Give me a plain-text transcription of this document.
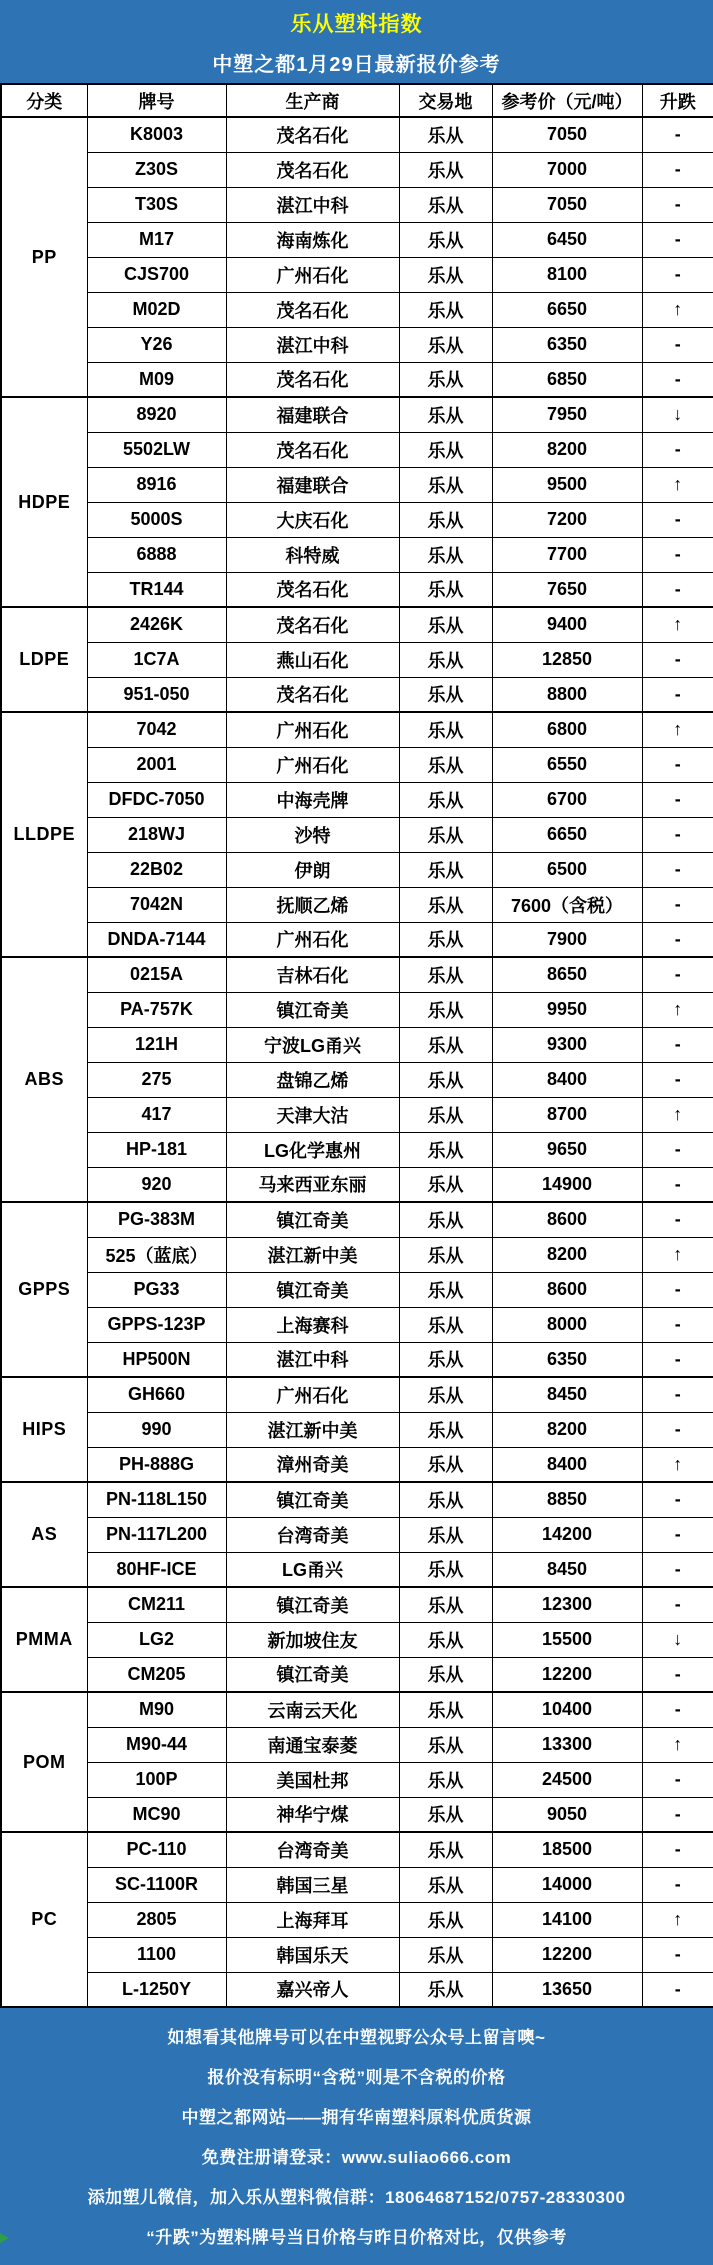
乐从塑料指数
中塑之都1月29日最新报价参考
分类	牌号	生产商	交易地	参考价（元/吨）	升跌
PP	K8003	茂名石化	乐从	7050	-
	Z30S	茂名石化	乐从	7000	-
	T30S	湛江中科	乐从	7050	-
	M17	海南炼化	乐从	6450	-
	CJS700	广州石化	乐从	8100	-
	M02D	茂名石化	乐从	6650	↑
	Y26	湛江中科	乐从	6350	-
	M09	茂名石化	乐从	6850	-
HDPE	8920	福建联合	乐从	7950	↓
	5502LW	茂名石化	乐从	8200	-
	8916	福建联合	乐从	9500	↑
	5000S	大庆石化	乐从	7200	-
	6888	科特威	乐从	7700	-
	TR144	茂名石化	乐从	7650	-
LDPE	2426K	茂名石化	乐从	9400	↑
	1C7A	燕山石化	乐从	12850	-
	951-050	茂名石化	乐从	8800	-
LLDPE	7042	广州石化	乐从	6800	↑
	2001	广州石化	乐从	6550	-
	DFDC-7050	中海壳牌	乐从	6700	-
	218WJ	沙特	乐从	6650	-
	22B02	伊朗	乐从	6500	-
	7042N	抚顺乙烯	乐从	7600（含税）	-
	DNDA-7144	广州石化	乐从	7900	-
ABS	0215A	吉林石化	乐从	8650	-
	PA-757K	镇江奇美	乐从	9950	↑
	121H	宁波LG甬兴	乐从	9300	-
	275	盘锦乙烯	乐从	8400	-
	417	天津大沽	乐从	8700	↑
	HP-181	LG化学惠州	乐从	9650	-
	920	马来西亚东丽	乐从	14900	-
GPPS	PG-383M	镇江奇美	乐从	8600	-
	525（蓝底）	湛江新中美	乐从	8200	↑
	PG33	镇江奇美	乐从	8600	-
	GPPS-123P	上海赛科	乐从	8000	-
	HP500N	湛江中科	乐从	6350	-
HIPS	GH660	广州石化	乐从	8450	-
	990	湛江新中美	乐从	8200	-
	PH-888G	漳州奇美	乐从	8400	↑
AS	PN-118L150	镇江奇美	乐从	8850	-
	PN-117L200	台湾奇美	乐从	14200	-
	80HF-ICE	LG甬兴	乐从	8450	-
PMMA	CM211	镇江奇美	乐从	12300	-
	LG2	新加坡住友	乐从	15500	↓
	CM205	镇江奇美	乐从	12200	-
POM	M90	云南云天化	乐从	10400	-
	M90-44	南通宝泰菱	乐从	13300	↑
	100P	美国杜邦	乐从	24500	-
	MC90	神华宁煤	乐从	9050	-
PC	PC-110	台湾奇美	乐从	18500	-
	SC-1100R	韩国三星	乐从	14000	-
	2805	上海拜耳	乐从	14100	↑
	1100	韩国乐天	乐从	12200	-
	L-1250Y	嘉兴帝人	乐从	13650	-
如想看其他牌号可以在中塑视野公众号上留言噢~
报价没有标明“含税”则是不含税的价格
中塑之都网站——拥有华南塑料原料优质货源
免费注册请登录：www.suliao666.com
添加塑儿微信，加入乐从塑料微信群：18064687152/0757-28330300
“升跌”为塑料牌号当日价格与昨日价格对比，仅供参考
